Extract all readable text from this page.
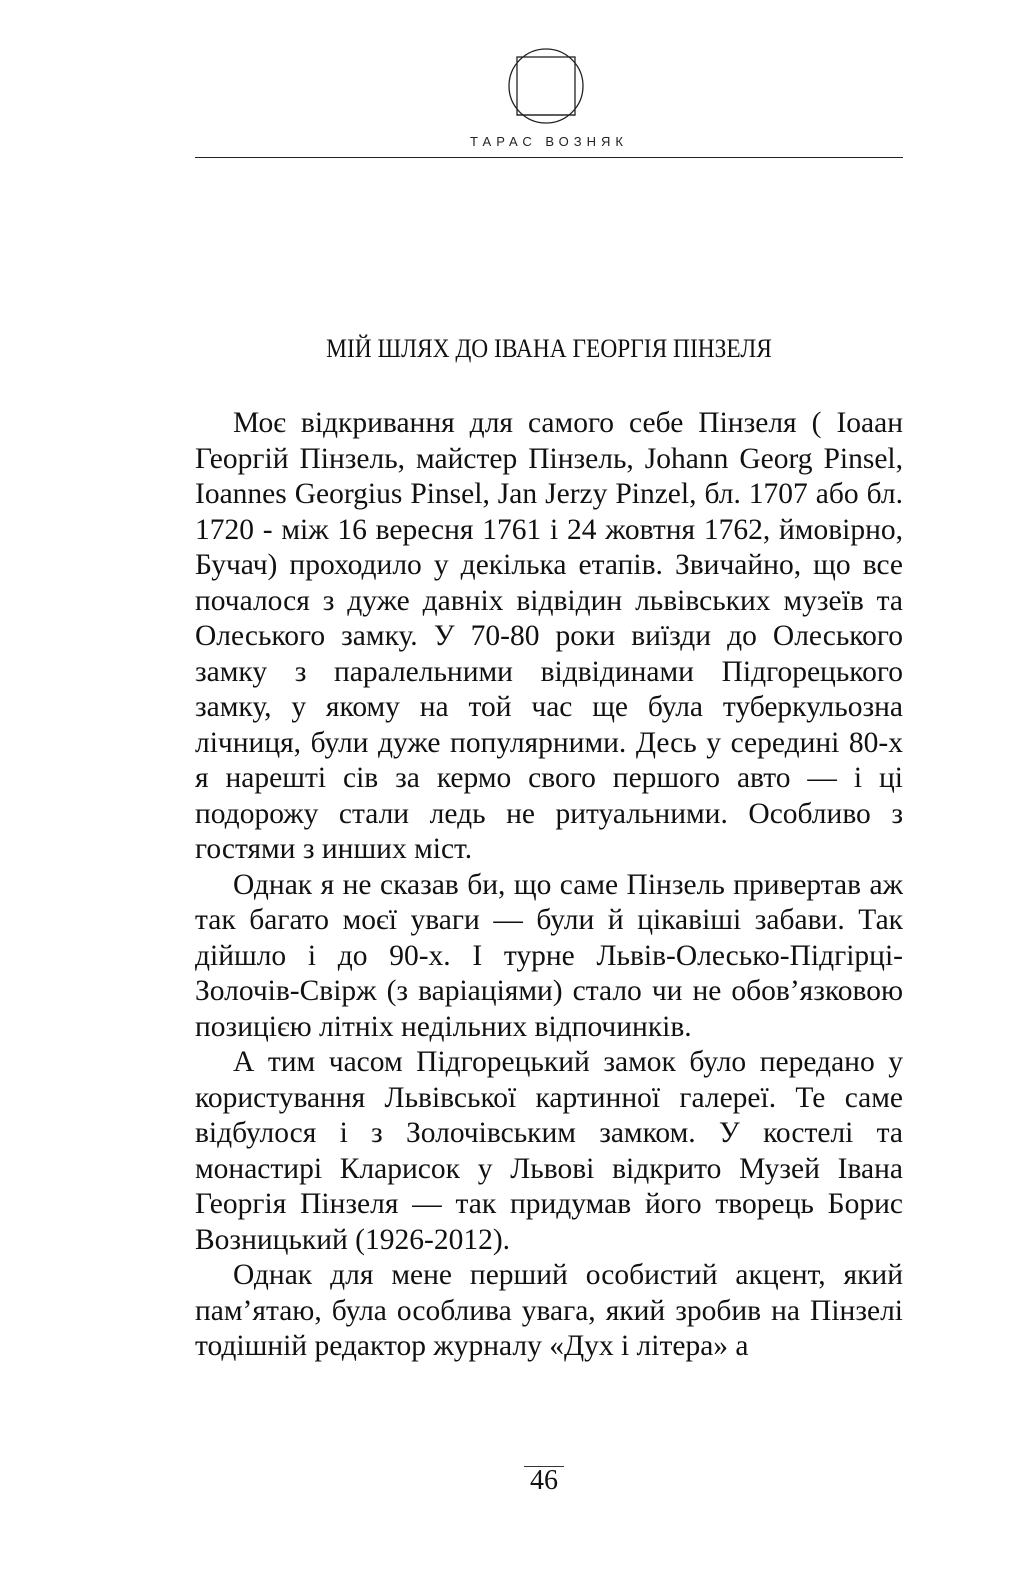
ТАРАС ВОЗНЯК
МІЙ ШЛЯХ ДО ІВАНА ГЕОРГІЯ ПІНЗЕЛЯ

Моє відкривання для самого себе Пінзеля ( Іоаан Георгій Пінзель, майстер Пінзель, Johann Georg Pinsel, Ioannes Georgius Pinsel, Jan Jerzy Pinzel, бл. 1707 або бл. 1720 - між 16 вересня 1761 і 24 жовтня 1762, ймовірно, Бучач) проходило у декілька етапів. Звичайно, що все почалося з дуже давніх відвідин львівських музеїв та Олеського замку. У 70-80 роки виїзди до Олеського замку з паралельними відвідинами Підгорецького замку, у якому на той час ще була туберкульозна лічниця, були дуже популярними. Десь у середині 80-х я нарешті сів за кермо свого першого авто — і ці подорожу стали ледь не ритуальними. Особливо з гостями з инших міст.

Однак я не сказав би, що саме Пінзель привертав аж так багато моєї уваги — були й цікавіші забави. Так дійшло і до 90-х. І турне Львів-Олесько-Підгірці-Золочів-Свірж (з варіаціями) стало чи не обов’язковою позицією літніх недільних відпочинків.

А тим часом Підгорецький замок було передано у користування Львівської картинної галереї. Те саме відбулося і з Золочівським замком. У костелі та монастирі Кларисок у Львові відкрито Музей Івана Георгія Пінзеля — так придумав його творець Борис Возницький (1926-2012).

Однак для мене перший особистий акцент, який пам’ятаю, була особлива увага, який зробив на Пінзелі тодішній редактор журналу «Дух і літера» а

46
